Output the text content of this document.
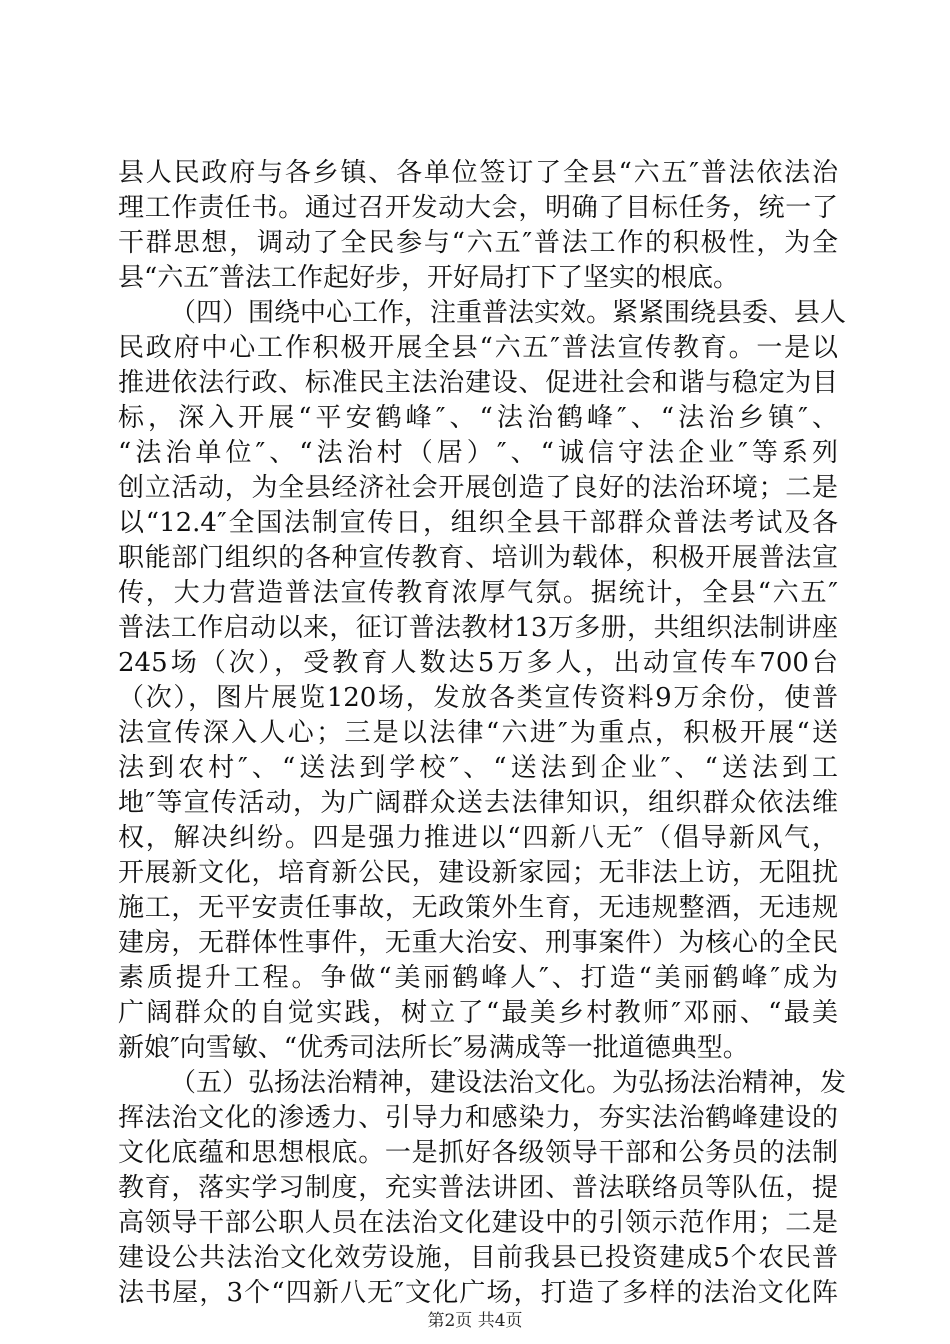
县人民政府与各乡镇、各单位签订了全县“六五″普法依法治
理工作责任书。通过召开发动大会，明确了目标任务，统一了
干群思想，调动了全民参与“六五″普法工作的积极性，为全
县“六五″普法工作起好步，开好局打下了坚实的根底。
（四）围绕中心工作，注重普法实效。紧紧围绕县委、县人
民政府中心工作积极开展全县“六五″普法宣传教育。一是以
推进依法行政、标准民主法治建设、促进社会和谐与稳定为目
标，深入开展“平安鹤峰″、“法治鹤峰″、“法治乡镇″、
“法治单位″、“法治村（居）″、“诚信守法企业″等系列
创立活动，为全县经济社会开展创造了良好的法治环境；二是
以“12.4″全国法制宣传日，组织全县干部群众普法考试及各
职能部门组织的各种宣传教育、培训为载体，积极开展普法宣
传，大力营造普法宣传教育浓厚气氛。据统计，全县“六五″
普法工作启动以来，征订普法教材13万多册，共组织法制讲座
245场（次），受教育人数达5万多人，出动宣传车700台
（次），图片展览120场，发放各类宣传资料9万余份，使普
法宣传深入人心；三是以法律“六进″为重点，积极开展“送
法到农村″、“送法到学校″、“送法到企业″、“送法到工
地″等宣传活动，为广阔群众送去法律知识，组织群众依法维
权，解决纠纷。四是强力推进以“四新八无″（倡导新风气，
开展新文化，培育新公民，建设新家园；无非法上访，无阻扰
施工，无平安责任事故，无政策外生育，无违规整酒，无违规
建房，无群体性事件，无重大治安、刑事案件）为核心的全民
素质提升工程。争做“美丽鹤峰人″、打造“美丽鹤峰″成为
广阔群众的自觉实践，树立了“最美乡村教师″邓丽、“最美
新娘″向雪敏、“优秀司法所长″易满成等一批道德典型。
（五）弘扬法治精神，建设法治文化。为弘扬法治精神，发
挥法治文化的渗透力、引导力和感染力，夯实法治鹤峰建设的
文化底蕴和思想根底。一是抓好各级领导干部和公务员的法制
教育，落实学习制度，充实普法讲团、普法联络员等队伍，提
高领导干部公职人员在法治文化建设中的引领示范作用；二是
建设公共法治文化效劳设施，目前我县已投资建成5个农民普
法书屋，3个“四新八无″文化广场，打造了多样的法治文化阵
第2页 共4页
